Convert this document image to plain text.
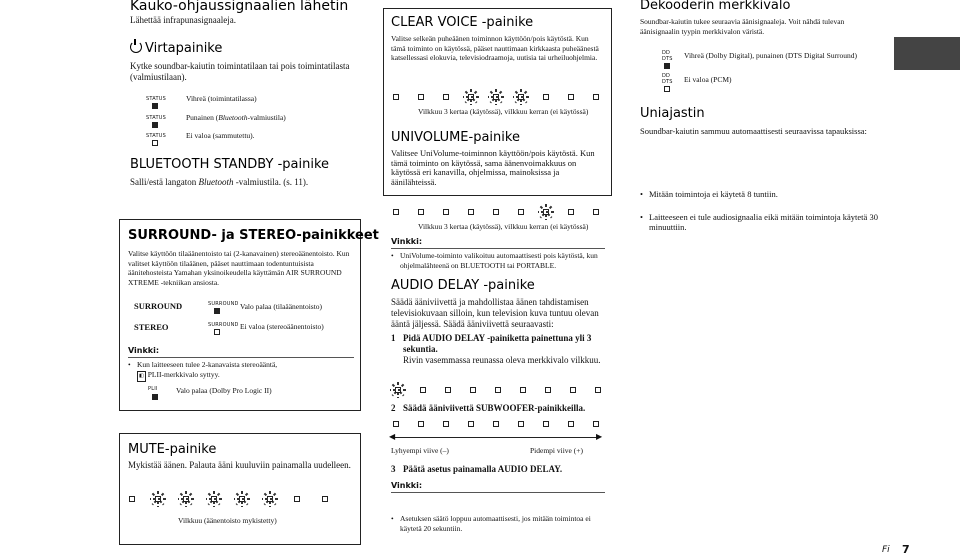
Kauko-ohjaussignaalien lähetin
Lähettää infrapunasignaaleja.
Virtapainike
Kytke soundbar-kaiutin toimintatilaan tai pois toimintatilasta (valmiustilaan).
STATUS	Vihreä (toimintatilassa)
STATUS	Punainen (Bluetooth-valmiustila)
STATUS	Ei valoa (sammutettu).
BLUETOOTH STANDBY -painike
Salli/estä langaton Bluetooth -valmiustila. (s. 11).
SURROUND- ja STEREO-painikkeet
Valitse käyttöön tilaäänentoisto tai (2-kanavainen) stereoäänentoisto. Kun valitset käyttöön tilaäänen, pääset nauttimaan todentuntuisista äänitehosteista Yamahan yksinoikeudella käyttämän AIR SURROUND XTREME -tekniikan ansiosta.
SURROUND	SURROUND Valo palaa (tilaäänentoisto)
STEREO	SURROUND Ei valoa (stereoäänentoisto)
Vinkki:
• Kun laitteeseen tulee 2-kanavaista stereoääntä,
◧ PLII-merkkivalo syttyy.
PLII Valo palaa (Dolby Pro Logic II)
MUTE-painike
Mykistää äänen. Palauta ääni kuuluviin painamalla uudelleen.
Vilkkuu (äänentoisto mykistetty)
CLEAR VOICE -painike
Valitse selkeän puheäänen toiminnon käyttöön/pois käytöstä. Kun tämä toiminto on käytössä, pääset nauttimaan kirkkaasta puheäänestä katsellessasi elokuvia, televisiodraamoja, uutisia tai urheiluohjelmia.
Vilkkuu 3 kertaa (käytössä), vilkkuu kerran (ei käytössä)
UNIVOLUME-painike
Valitsee UniVolume-toiminnon käyttöön/pois käytöstä. Kun tämä toiminto on käytössä, sama äänenvoimakkuus on käytössä eri kanavilla, ohjelmissa, mainoksissa ja äänilähteissä.
Vilkkuu 3 kertaa (käytössä), vilkkuu kerran (ei käytössä)
Vinkki:
• UniVolume-toiminto valikoituu automaattisesti pois käytöstä, kun ohjelmalähteenä on BLUETOOTH tai PORTABLE.
AUDIO DELAY -painike
Säädä ääniviivettä ja mahdollistaa äänen tahdistamisen televisiokuvaan silloin, kun television kuva tuntuu olevan ääntä jäljessä. Säädä ääniviivettä seuraavasti:
1 Pidä AUDIO DELAY -painiketta painettuna yli 3 sekuntia.
Rivin vasemmassa reunassa oleva merkkivalo vilkkuu.
2 Säädä ääniviivettä SUBWOOFER-painikkeilla.
◀	▶
Lyhyempi viive (–)	Pidempi viive (+)
3 Päätä asetus painamalla AUDIO DELAY.
Vinkki:
• Asetuksen säätö loppuu automaattisesti, jos mitään toimintoa ei käytetä 20 sekuntiin.
Dekooderin merkkivalo
Soundbar-kaiutin tukee seuraavia äänisignaaleja. Voit nähdä tulevan äänisignaalin tyypin merkkivalon väristä.
DD
DTS Vihreä (Dolby Digital), punainen (DTS Digital Surround)
DD
DTS Ei valoa (PCM)
Uniajastin
Soundbar-kaiutin sammuu automaattisesti seuraavissa tapauksissa:
• Mitään toimintoja ei käytetä 8 tuntiin.
• Laitteeseen ei tule audiosignaalia eikä mitään toimintoja käytetä 30 minuuttiin.
Fi 7
